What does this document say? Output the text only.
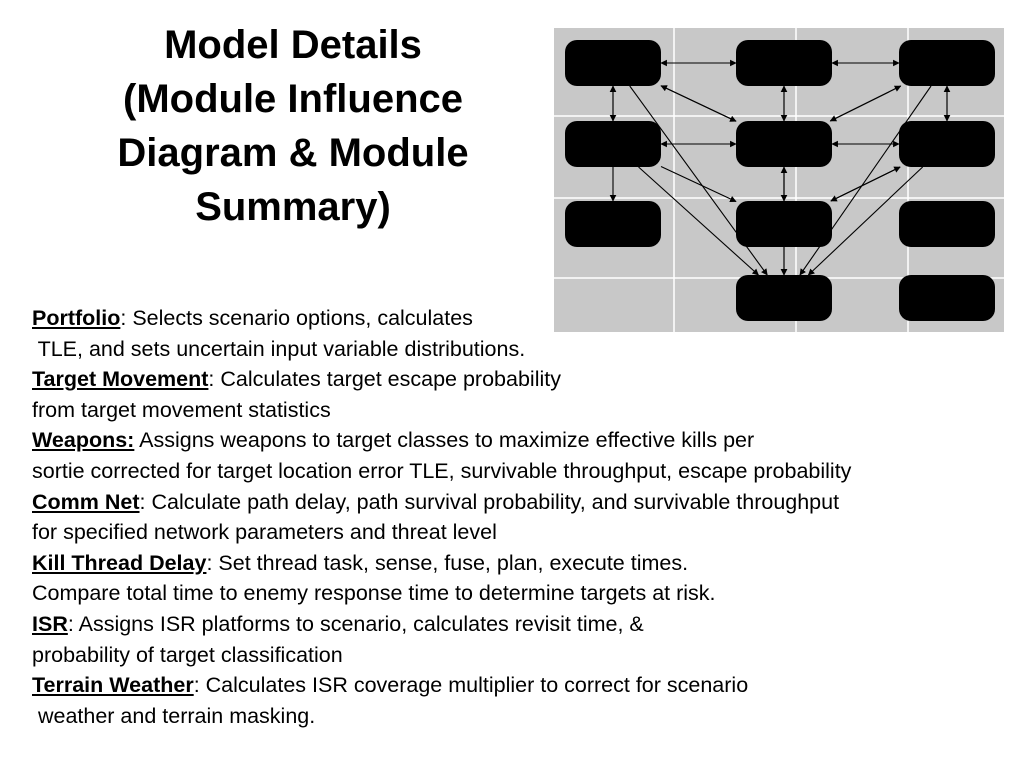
Model Details
(Module Influence
Diagram & Module
Summary)
Portfolio: Selects scenario options, calculates
TLE, and sets uncertain input variable distributions.
Target Movement: Calculates target escape probability
from target movement statistics
Weapons: Assigns weapons to target classes to maximize effective kills per
sortie corrected for target location error TLE, survivable throughput, escape probability
Comm Net: Calculate path delay, path survival probability, and survivable throughput
for specified network parameters and threat level
Kill Thread Delay: Set thread task, sense, fuse, plan, execute times.
Compare total time to enemy response time to determine targets at risk.
ISR: Assigns ISR platforms to scenario, calculates revisit time, &
probability of target classification
Terrain Weather: Calculates ISR coverage multiplier to correct for scenario
weather and terrain masking.
